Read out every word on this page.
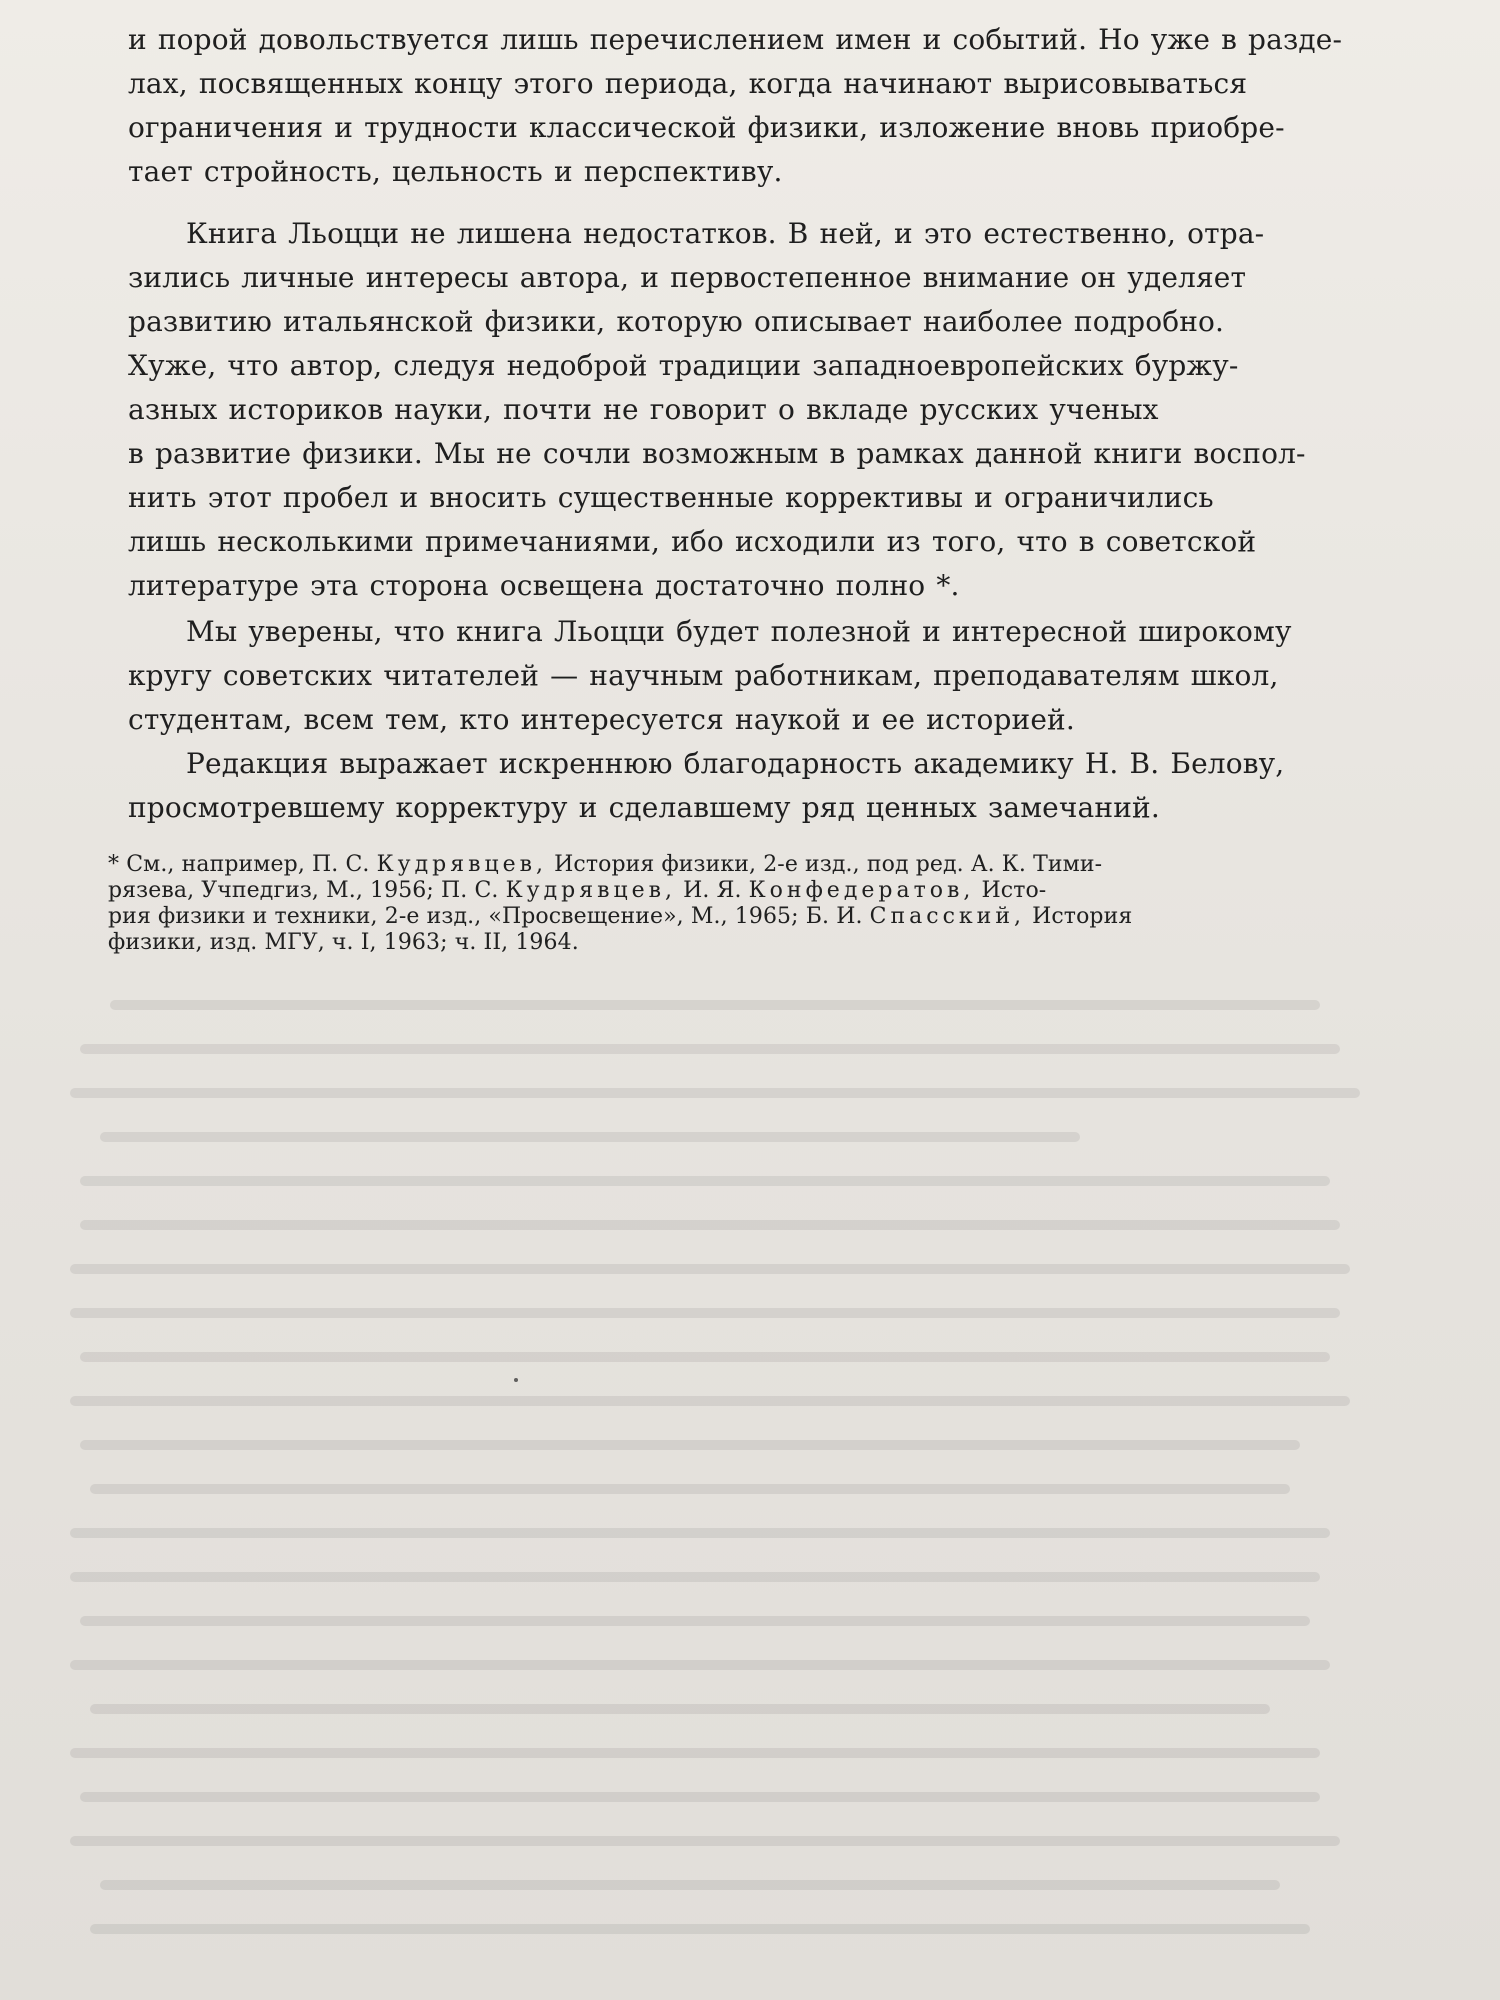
и порой довольствуется лишь перечислением имен и событий. Но уже в разде-
лах, посвященных концу этого периода, когда начинают вырисовываться
ограничения и трудности классической физики, изложение вновь приобре-
тает стройность, цельность и перспективу.
Книга Льоцци не лишена недостатков. В ней, и это естественно, отра-
зились личные интересы автора, и первостепенное внимание он уделяет
развитию итальянской физики, которую описывает наиболее подробно.
Хуже, что автор, следуя недоброй традиции западноевропейских буржу-
азных историков науки, почти не говорит о вкладе русских ученых
в развитие физики. Мы не сочли возможным в рамках данной книги воспол-
нить этот пробел и вносить существенные коррективы и ограничились
лишь несколькими примечаниями, ибо исходили из того, что в советской
литературе эта сторона освещена достаточно полно *.
Мы уверены, что книга Льоцци будет полезной и интересной широкому
кругу советских читателей — научным работникам, преподавателям школ,
студентам, всем тем, кто интересуется наукой и ее историей.
Редакция выражает искреннюю благодарность академику Н. В. Белову,
просмотревшему корректуру и сделавшему ряд ценных замечаний.
* См., например, П. С. Кудрявцев, История физики, 2-е изд., под ред. А. К. Тими-
рязева, Учпедгиз, М., 1956; П. С. Кудрявцев, И. Я. Конфедератов, Исто-
рия физики и техники, 2-е изд., «Просвещение», М., 1965; Б. И. Спасский, История
физики, изд. МГУ, ч. I, 1963; ч. II, 1964.
